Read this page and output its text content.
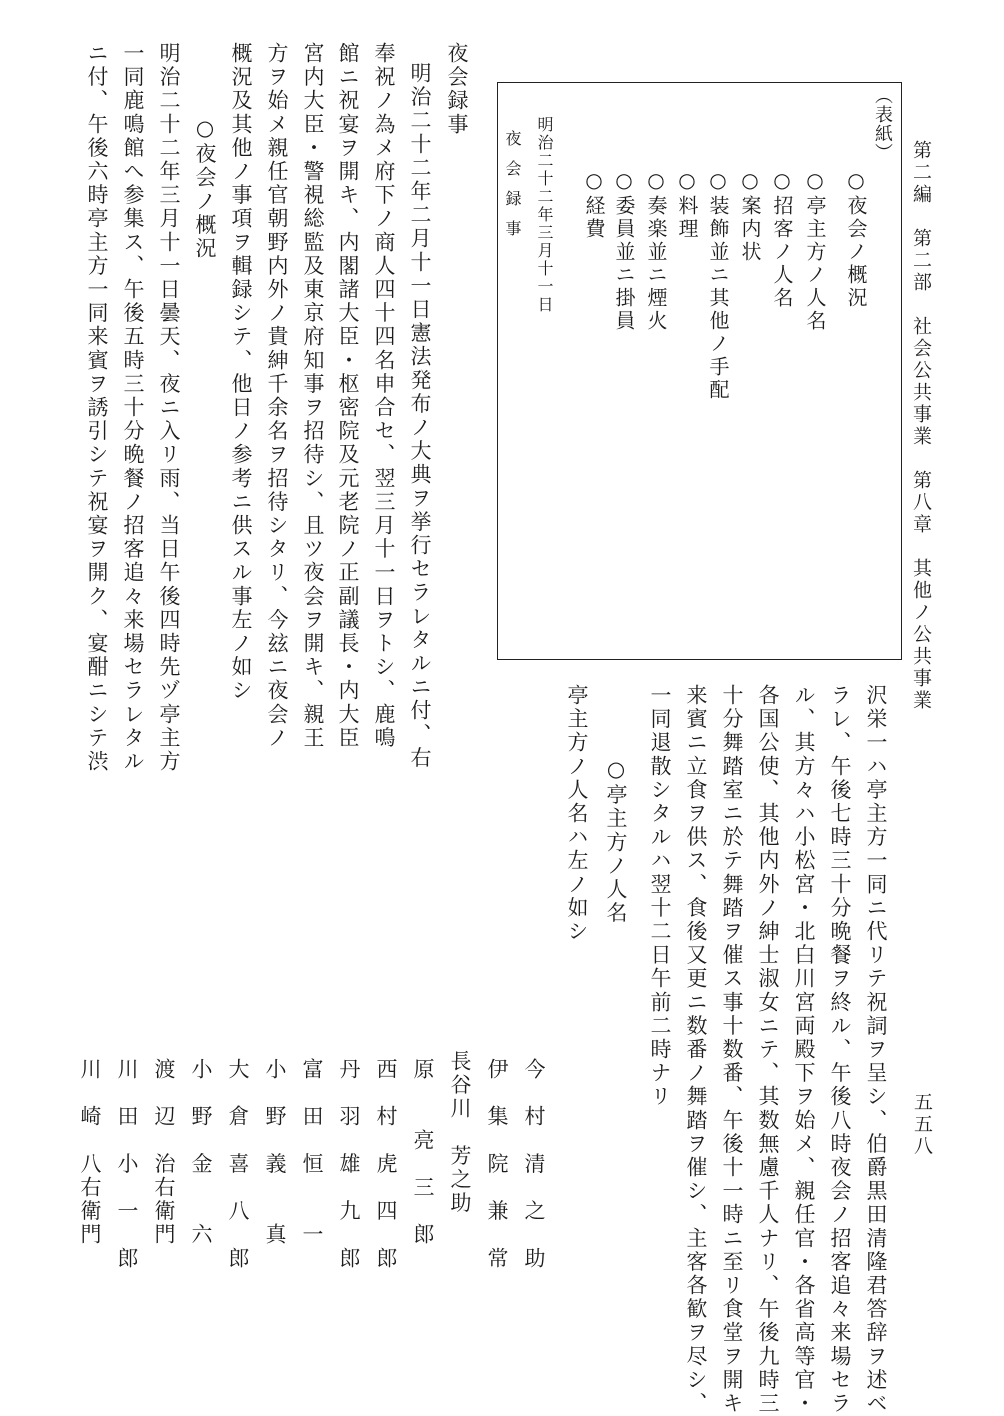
第二編　第二部　社会公共事業　第八章　其他ノ公共事業
五五八
（表紙）
○夜会ノ概況
○亭主方ノ人名
○招客ノ人名
○案内状
○装飾並ニ其他ノ手配
○料理
○奏楽並ニ煙火
○委員並ニ掛員
○経費
明治二十二年三月十一日
夜会録事
夜会録事
明治二十二年二月十一日憲法発布ノ大典ヲ挙行セラレタルニ付、右
奉祝ノ為メ府下ノ商人四十四名申合セ、翌三月十一日ヲトシ、鹿鳴
館ニ祝宴ヲ開キ、内閣諸大臣・枢密院及元老院ノ正副議長・内大臣
宮内大臣・警視総監及東京府知事ヲ招待シ、且ツ夜会ヲ開キ、親王
方ヲ始メ親任官朝野内外ノ貴紳千余名ヲ招待シタリ、今玆ニ夜会ノ
概況及其他ノ事項ヲ輯録シテ、他日ノ参考ニ供スル事左ノ如シ
○夜会ノ概況
明治二十二年三月十一日曇天、夜ニ入リ雨、当日午後四時先ヅ亭主方
一同鹿鳴館へ参集ス、午後五時三十分晩餐ノ招客追々来場セラレタル
ニ付、午後六時亭主方一同来賓ヲ誘引シテ祝宴ヲ開ク、宴酣ニシテ渋
沢栄一ハ亭主方一同ニ代リテ祝詞ヲ呈シ、伯爵黒田清隆君答辞ヲ述ベ
ラレ、午後七時三十分晩餐ヲ終ル、午後八時夜会ノ招客追々来場セラ
ル、其方々ハ小松宮・北白川宮両殿下ヲ始メ、親任官・各省高等官・
各国公使、其他内外ノ紳士淑女ニテ、其数無慮千人ナリ、午後九時三
十分舞踏室ニ於テ舞踏ヲ催ス事十数番、午後十一時ニ至リ食堂ヲ開キ
来賓ニ立食ヲ供ス、食後又更ニ数番ノ舞踏ヲ催シ、主客各歓ヲ尽シ、
一同退散シタルハ翌十二日午前二時ナリ
○亭主方ノ人名
亭主方ノ人名ハ左ノ如シ
今　村　清　之　助
伊　集　院　兼　常
長谷川　芳之助
原　　亮　三　郎
西　村　虎　四　郎
丹　羽　雄　九　郎
富　田　恒　　一
小　野　義　　真
大　倉　喜　八　郎
小　野　金　　六
渡　辺　治右衛門
川　田　小　一　郎
川　崎　八右衛門
